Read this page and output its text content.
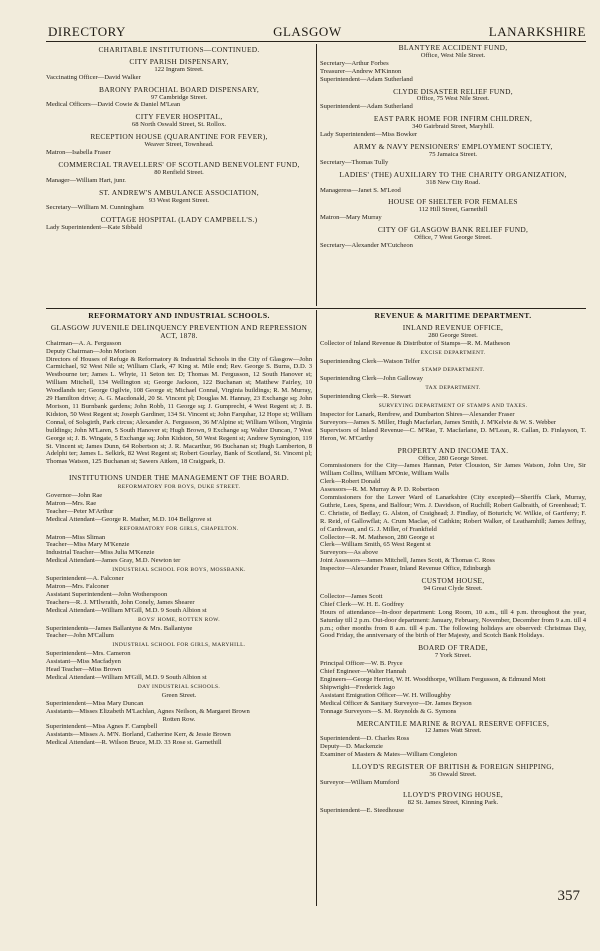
DIRECTORY	GLASGOW	LANARKSHIRE

CHARITABLE INSTITUTIONS—CONTINUED.

CITY PARISH DISPENSARY,

122 Ingram Street.

Vaccinating Officer—David Walker

BARONY PAROCHIAL BOARD DISPENSARY,

97 Cambridge Street.

Medical Officers—David Cowie & Daniel M'Lean

CITY FEVER HOSPITAL,

68 North Oswald Street, St. Rollox.

RECEPTION HOUSE (QUARANTINE FOR FEVER),

Weaver Street, Townhead.

Matron—Isabella Fraser

COMMERCIAL TRAVELLERS' OF SCOTLAND BENEVOLENT FUND,

80 Renfield Street.

Manager—William Hart, junr.

ST. ANDREW'S AMBULANCE ASSOCIATION,

93 West Regent Street.

Secretary—William M. Cunningham

COTTAGE HOSPITAL (LADY CAMPBELL'S.)

Lady Superintendent—Kate Sibbald

BLANTYRE ACCIDENT FUND,

Office, West Nile Street.

Secretary—Arthur Forbes

Treasurer—Andrew M'Kinnon

Superintendent—Adam Sutherland

CLYDE DISASTER RELIEF FUND,

Office, 75 West Nile Street.

Superintendent—Adam Sutherland

EAST PARK HOME FOR INFIRM CHILDREN,

340 Gairbraid Street, Maryhill.

Lady Superintendent—Miss Bowker

ARMY & NAVY PENSIONERS' EMPLOYMENT SOCIETY,

75 Jamaica Street.

Secretary—Thomas Tully

LADIES' (THE) AUXILIARY TO THE CHARITY ORGANIZATION,

318 New City Road.

Manageress—Janet S. M'Leod

HOUSE OF SHELTER FOR FEMALES

112 Hill Street, Garnethill

Matron—Mary Murray

CITY OF GLASGOW BANK RELIEF FUND,

Office, 7 West George Street.

Secretary—Alexander M'Cutcheon

REFORMATORY AND INDUSTRIAL SCHOOLS.

GLASGOW JUVENILE DELINQUENCY PREVENTION AND REPRESSION ACT, 1878.

Chairman—A. A. Fergusson

Deputy Chairman—John Morison

Directors of Houses of Refuge & Reformatory & Industrial Schools in the City of Glasgow—John Carmichael, 92 West Nile st; William Clark, 47 King st. Mile end; Rev. George S. Burns, D.D. 3 Westbourne ter; James L. Whyte, 11 Seton ter. D; Thomas M. Fergusson, 12 South Hanover st; William Mitchell, 134 Wellington st; George Jackson, 122 Buchanan st; Matthew Fairley, 10 Woodlands ter; George Ogilvie, 108 George st; Michael Connal, Virginia buildings; R. M. Murray, 29 Hamilton drive; A. G. Macdonald, 20 St. Vincent pl; Douglas M. Hannay, 23 Exchange sq; John Morison, 11 Burnbank gardens; John Robb, 11 George sq; J. Gumprecht, 4 West Regent st; J. B. Kidston, 50 West Regent st; Joseph Gardiner, 134 St. Vincent st; John Farquhar, 12 Hope st; William Connal, of Solsgirth, Park circus; Alexander A. Fergusson, 36 M'Alpine st; William Wilson, Virginia buildings; John M'Laren, 5 South Hanover st; Hugh Brown, 9 Exchange sq; Walter Duncan, 7 West George st; J. B. Wingate, 5 Exchange sq; John Kidston, 50 West Regent st; Andrew Symington, 119 St. Vincent st; James Dunn, 64 Robertson st; J. R. Macarthur, 96 Buchanan st; Hugh Lamberton, 8 Adelphi ter; James L. Selkirk, 82 West Regent st; Robert Gourlay, Bank of Scotland, St. Vincent pl; Thomas Watson, 125 Buchanan st; Sawers Aitken, 18 Craigpark, D.

INSTITUTIONS UNDER THE MANAGEMENT OF THE BOARD.

REFORMATORY FOR BOYS, DUKE STREET.

Governor—John Rae

Matron—Mrs. Rae

Teacher—Peter M'Arthur

Medical Attendant—George R. Mather, M.D. 104 Bellgrove st

REFORMATORY FOR GIRLS, CHAPELTON.

Matron—Miss Sliman

Teacher—Miss Mary M'Kenzie

Industrial Teacher—Miss Julia M'Kenzie

Medical Attendant—James Gray, M.D. Newton ter

INDUSTRIAL SCHOOL FOR BOYS, MOSSBANK.

Superintendent—A. Falconer

Matron—Mrs. Falconer

Assistant Superintendent—John Wotherspoon

Teachers—R. J. M'Ilwraith, John Conely, James Shearer

Medical Attendant—William M'Gill, M.D. 9 South Albion st

BOYS' HOME, ROTTEN ROW.

Superintendents—James Ballantyne & Mrs. Ballantyne

Teacher—John M'Callum

INDUSTRIAL SCHOOL FOR GIRLS, MARYHILL.

Superintendent—Mrs. Cameron

Assistant—Miss Macfadyen

Head Teacher—Miss Brown

Medical Attendant—William M'Gill, M.D. 9 South Albion st

DAY INDUSTRIAL SCHOOLS.

Green Street.

Superintendent—Miss Mary Duncan

Assistants—Misses Elizabeth M'Lachlan, Agnes Neilson, & Margaret Brown

Rotten Row.

Superintendent—Miss Agnes F. Campbell

Assistants—Misses A. M'N. Borland, Catherine Kerr, & Jessie Brown

Medical Attendant—R. Wilson Bruce, M.D. 33 Rose st. Garnethill

REVENUE & MARITIME DEPARTMENT.

INLAND REVENUE OFFICE,

280 George Street.

Collector of Inland Revenue & Distributor of Stamps—R. M. Matheson

EXCISE DEPARTMENT.

Superintending Clerk—Watson Telfer

STAMP DEPARTMENT.

Superintending Clerk—John Galloway

TAX DEPARTMENT.

Superintending Clerk—R. Stewart

SURVEYING DEPARTMENT OF STAMPS AND TAXES.

Inspector for Lanark, Renfrew, and Dumbarton Shires—Alexander Fraser

Surveyors—James S. Miller, Hugh Macfarlan, James Smith, J. M'Kelvie & W. S. Webber

Supervisors of Inland Revenue—C. M'Rae, T. Macfarlane, D. M'Lean, R. Callan, D. Finlayson, T. Heron, W. M'Carthy

PROPERTY AND INCOME TAX.

Office, 280 George Street.

Commissioners for the City—James Hannan, Peter Clouston, Sir James Watson, John Ure, Sir William Collins, William M'Onie, William Walls

Clerk—Robert Donald

Assessors—R. M. Murray & P. D. Robertson

Commissioners for the Lower Ward of Lanarkshire (City excepted)—Sheriffs Clark, Murray, Guthrie, Lees, Spens, and Balfour; Wm. J. Davidson, of Ruchill; Robert Galbraith, of Greenhead; T. C. Christie, of Bedlay; G. Alston, of Craighead; J. Findlay, of Boturich; W. Wilkie, of Gartferry; F. R. Reid, of Gallowflat; A. Crum Maclae, of Cathkin; Robert Walker, of Leathamhill; James Jeffray, of Cardowan, and G. J. Miller, of Frankfield

Collector—R. M. Matheson, 280 George st

Clerk—William Smith, 65 West Regent st

Surveyors—As above

Joint Assessors—James Mitchell, James Scott, & Thomas C. Ross

Inspector—Alexander Fraser, Inland Revenue Office, Edinburgh

CUSTOM HOUSE,

94 Great Clyde Street.

Collector—James Scott

Chief Clerk—W. H. E. Godfrey

Hours of attendance—In-door department: Long Room, 10 a.m., till 4 p.m. throughout the year, Saturday till 2 p.m. Out-door department: January, February, November, December from 9 a.m. till 4 p.m.; other months from 8 a.m. till 4 p.m. The following holidays are observed: Christmas Day, Good Friday, the anniversary of the birth of Her Majesty, and Scotch Bank Holidays.

BOARD OF TRADE,

7 York Street.

Principal Officer—W. B. Pryce

Chief Engineer—Walter Hannah

Engineers—George Herriot, W. H. Woodthorpe, William Fergusson, & Edmund Mott

Shipwright—Frederick Jago

Assistant Emigration Officer—W. H. Willoughby

Medical Officer & Sanitary Surveyor—Dr. James Bryson

Tonnage Surveyors—S. M. Reynolds & G. Symons

MERCANTILE MARINE & ROYAL RESERVE OFFICES,

12 James Watt Street.

Superintendent—D. Charles Ross

Deputy—D. Mackenzie

Examiner of Masters & Mates—William Congleton

LLOYD'S REGISTER OF BRITISH & FOREIGN SHIPPING,

36 Oswald Street.

Surveyor—William Mumford

LLOYD'S PROVING HOUSE,

82 St. James Street, Kinning Park.

Superintendent—E. Steedhouse

357
